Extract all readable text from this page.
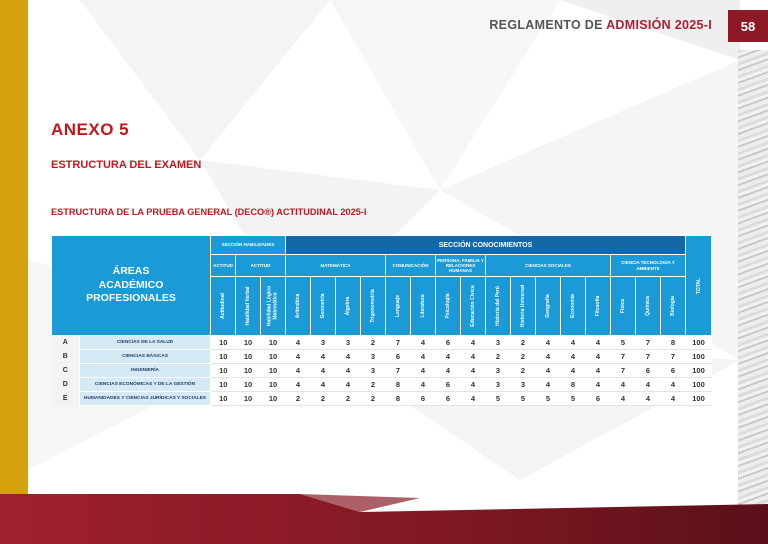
REGLAMENTO DE ADMISIÓN 2025-I	58
ANEXO 5
ESTRUCTURA DEL EXAMEN
ESTRUCTURA DE LA PRUEBA GENERAL (DECO®) ACTITUDINAL 2025-I
ÁREAS
ACADÉMICO
PROFESIONALES		SECCIÓN HABILIDADES			SECCIÓN CONOCIMIENTOS																TOTAL

		ACTITUD	ACTITUD		MATEMÁTICA				COMUNICACIÓN		PERSONA, FAMILIA Y RELACIONES HUMANAS		CIENCIAS SOCIALES					CIENCIA TECNOLOGÍA Y AMBIENTE			

		Actitudinal	Habilidad Verbal	Habilidad Lógico Matemática	Aritmética	Geometría	Álgebra	Trigonometría	Lenguaje	Literatura	Psicología	Educación Cívica	Historia del Perú	Historia Universal	Geografía	Economía	Filosofía	Física	Química	Biología	

A	CIENCIAS DE LA SALUD	10	10	10	4	3	3	2	7	4	6	4	3	2	4	4	4	5	7	8	100
B	CIENCIAS BÁSICAS	10	10	10	4	4	4	3	6	4	4	4	2	2	4	4	4	7	7	7	100
C	INGENIERÍA	10	10	10	4	4	4	3	7	4	4	4	3	2	4	4	4	7	6	6	100
D	CIENCIAS ECONÓMICAS Y DE LA GESTIÓN	10	10	10	4	4	4	2	8	4	6	4	3	3	4	8	4	4	4	4	100
E	HUMANIDADES Y CIENCIAS JURÍDICAS Y SOCIALES	10	10	10	2	2	2	2	8	6	6	4	5	5	5	5	6	4	4	4	100
